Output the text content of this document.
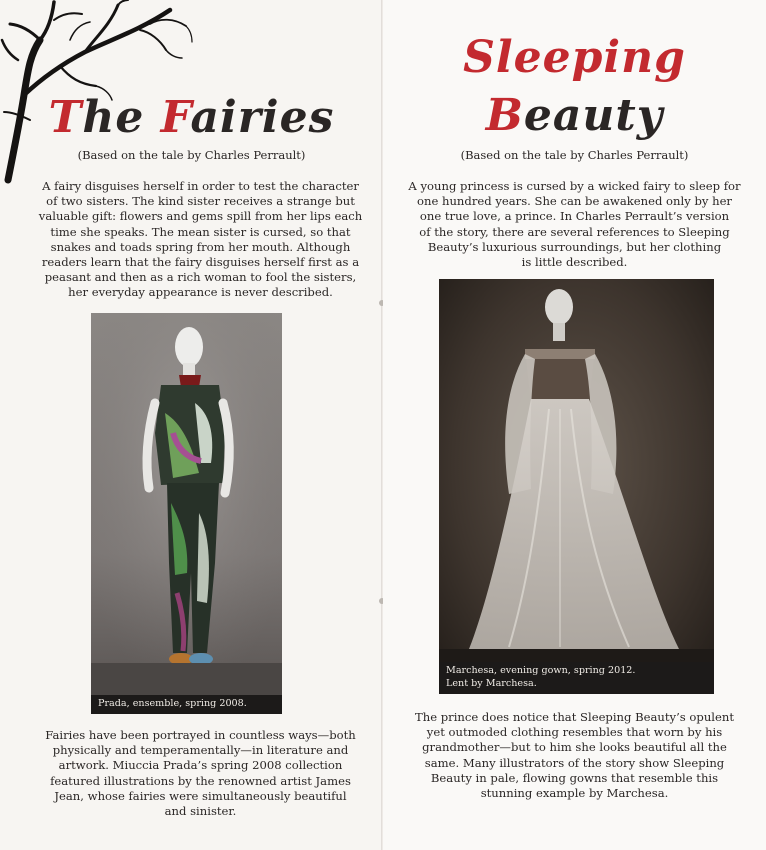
The Fairies
(Based on the tale by Charles Perrault)
A fairy disguises herself in order to test the character
of two sisters. The kind sister receives a strange but
valuable gift: flowers and gems spill from her lips each
time she speaks. The mean sister is cursed, so that
snakes and toads spring from her mouth. Although
readers learn that the fairy disguises herself first as a
peasant and then as a rich woman to fool the sisters,
her everyday appearance is never described.
Prada, ensemble, spring 2008.
Fairies have been portrayed in countless ways—both
physically and temperamentally—in literature and
artwork. Miuccia Prada’s spring 2008 collection
featured illustrations by the renowned artist James
Jean, whose fairies were simultaneously beautiful
and sinister.
Sleeping
Beauty
(Based on the tale by Charles Perrault)
A young princess is cursed by a wicked fairy to sleep for
one hundred years. She can be awakened only by her
one true love, a prince. In Charles Perrault’s version
of the story, there are several references to Sleeping
Beauty’s luxurious surroundings, but her clothing
is little described.
Marchesa, evening gown, spring 2012.
Lent by Marchesa.
The prince does notice that Sleeping Beauty’s opulent
yet outmoded clothing resembles that worn by his
grandmother—but to him she looks beautiful all the
same. Many illustrators of the story show Sleeping
Beauty in pale, flowing gowns that resemble this
stunning example by Marchesa.
